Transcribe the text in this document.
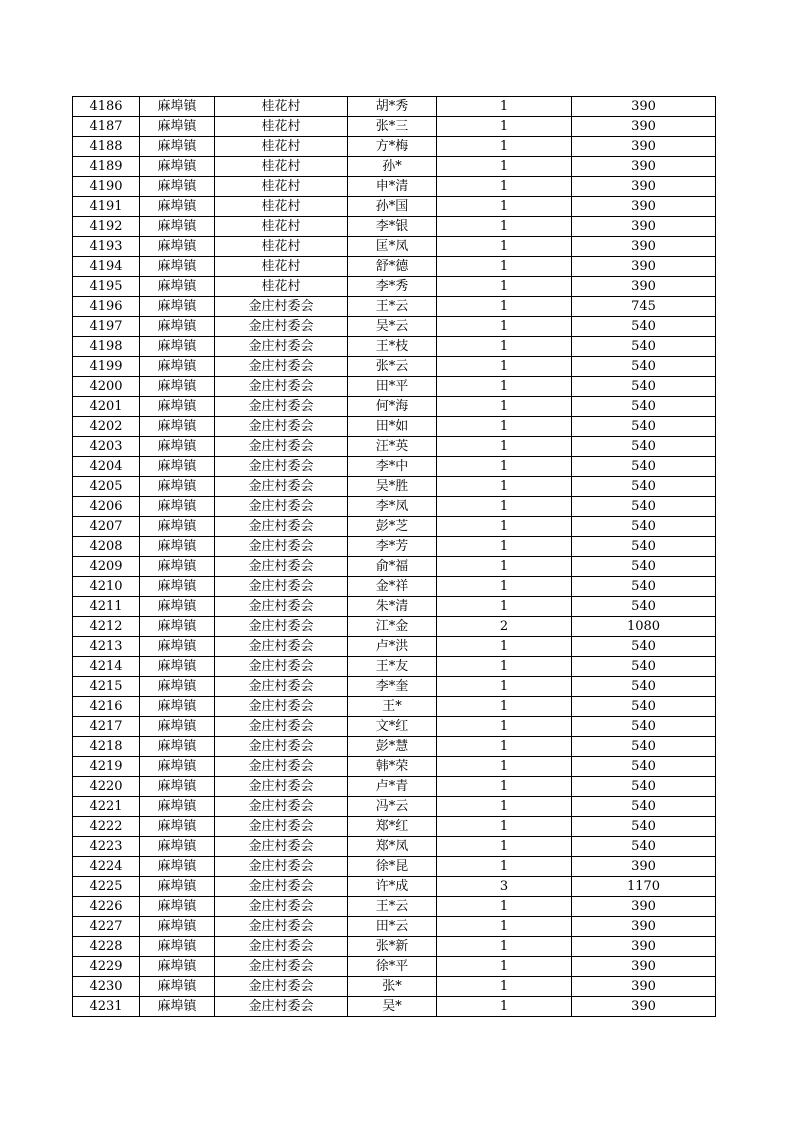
4186	麻埠镇	桂花村	胡*秀	1	390
4187	麻埠镇	桂花村	张*三	1	390
4188	麻埠镇	桂花村	方*梅	1	390
4189	麻埠镇	桂花村	孙*	1	390
4190	麻埠镇	桂花村	申*清	1	390
4191	麻埠镇	桂花村	孙*国	1	390
4192	麻埠镇	桂花村	李*银	1	390
4193	麻埠镇	桂花村	匡*凤	1	390
4194	麻埠镇	桂花村	舒*德	1	390
4195	麻埠镇	桂花村	李*秀	1	390
4196	麻埠镇	金庄村委会	王*云	1	745
4197	麻埠镇	金庄村委会	吴*云	1	540
4198	麻埠镇	金庄村委会	王*枝	1	540
4199	麻埠镇	金庄村委会	张*云	1	540
4200	麻埠镇	金庄村委会	田*平	1	540
4201	麻埠镇	金庄村委会	何*海	1	540
4202	麻埠镇	金庄村委会	田*如	1	540
4203	麻埠镇	金庄村委会	汪*英	1	540
4204	麻埠镇	金庄村委会	李*中	1	540
4205	麻埠镇	金庄村委会	吴*胜	1	540
4206	麻埠镇	金庄村委会	李*凤	1	540
4207	麻埠镇	金庄村委会	彭*芝	1	540
4208	麻埠镇	金庄村委会	李*芳	1	540
4209	麻埠镇	金庄村委会	俞*福	1	540
4210	麻埠镇	金庄村委会	金*祥	1	540
4211	麻埠镇	金庄村委会	朱*清	1	540
4212	麻埠镇	金庄村委会	江*金	2	1080
4213	麻埠镇	金庄村委会	卢*洪	1	540
4214	麻埠镇	金庄村委会	王*友	1	540
4215	麻埠镇	金庄村委会	李*奎	1	540
4216	麻埠镇	金庄村委会	王*	1	540
4217	麻埠镇	金庄村委会	文*红	1	540
4218	麻埠镇	金庄村委会	彭*慧	1	540
4219	麻埠镇	金庄村委会	韩*荣	1	540
4220	麻埠镇	金庄村委会	卢*青	1	540
4221	麻埠镇	金庄村委会	冯*云	1	540
4222	麻埠镇	金庄村委会	郑*红	1	540
4223	麻埠镇	金庄村委会	郑*凤	1	540
4224	麻埠镇	金庄村委会	徐*昆	1	390
4225	麻埠镇	金庄村委会	许*成	3	1170
4226	麻埠镇	金庄村委会	王*云	1	390
4227	麻埠镇	金庄村委会	田*云	1	390
4228	麻埠镇	金庄村委会	张*新	1	390
4229	麻埠镇	金庄村委会	徐*平	1	390
4230	麻埠镇	金庄村委会	张*	1	390
4231	麻埠镇	金庄村委会	吴*	1	390
